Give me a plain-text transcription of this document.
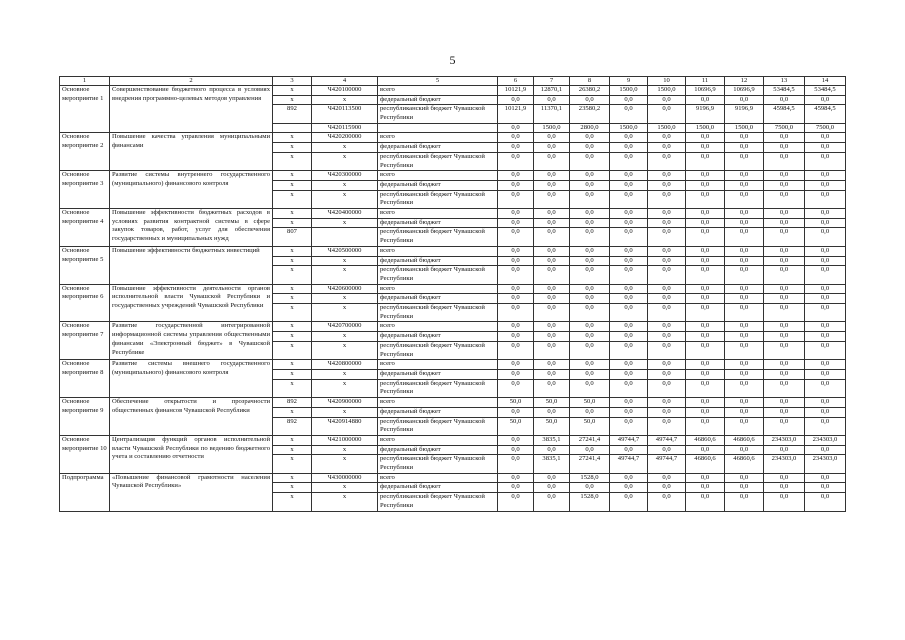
5
1	2	3	4	5	6	7	8	9	10	11	12	13	14
Основное мероприятие 1	Совершенствование бюджетного процесса в условиях внедрения программно-целевых методов управления	x	Ч420100000	всего	10121,9	12870,1	26380,2	1500,0	1500,0	10696,9	10696,9	53484,5	53484,5
		x	x	федеральный бюджет	0,0	0,0	0,0	0,0	0,0	0,0	0,0	0,0	0,0
		892	Ч420113500	республиканский бюджет Чувашской Республики	10121,9	11370,1	23580,2	0,0	0,0	9196,9	9196,9	45984,5	45984,5
			Ч420115900		0,0	1500,0	2800,0	1500,0	1500,0	1500,0	1500,0	7500,0	7500,0
Основное мероприятие 2	Повышение качества управления муниципальными финансами	x	Ч420200000	всего	0,0	0,0	0,0	0,0	0,0	0,0	0,0	0,0	0,0
		x	x	федеральный бюджет	0,0	0,0	0,0	0,0	0,0	0,0	0,0	0,0	0,0
		x	x	республиканский бюджет Чувашской Республики	0,0	0,0	0,0	0,0	0,0	0,0	0,0	0,0	0,0
Основное мероприятие 3	Развитие системы внутреннего государственного (муниципального) финансового контроля	x	Ч420300000	всего	0,0	0,0	0,0	0,0	0,0	0,0	0,0	0,0	0,0
		x	x	федеральный бюджет	0,0	0,0	0,0	0,0	0,0	0,0	0,0	0,0	0,0
		x	x	республиканский бюджет Чувашской Республики	0,0	0,0	0,0	0,0	0,0	0,0	0,0	0,0	0,0
Основное мероприятие 4	Повышение эффективности бюджетных расходов в условиях развития контрактной системы в сфере закупок товаров, работ, услуг для обеспечения государственных и муниципальных нужд	x	Ч420400000	всего	0,0	0,0	0,0	0,0	0,0	0,0	0,0	0,0	0,0
		x	x	федеральный бюджет	0,0	0,0	0,0	0,0	0,0	0,0	0,0	0,0	0,0
		807		республиканский бюджет Чувашской Республики	0,0	0,0	0,0	0,0	0,0	0,0	0,0	0,0	0,0
Основное мероприятие 5	Повышение эффективности бюджетных инвестиций	x	Ч420500000	всего	0,0	0,0	0,0	0,0	0,0	0,0	0,0	0,0	0,0
		x	x	федеральный бюджет	0,0	0,0	0,0	0,0	0,0	0,0	0,0	0,0	0,0
		x	x	республиканский бюджет Чувашской Республики	0,0	0,0	0,0	0,0	0,0	0,0	0,0	0,0	0,0
Основное мероприятие 6	Повышение эффективности деятельности органов исполнительной власти Чувашской Республики и государственных учреждений Чувашской Республики	x	Ч420600000	всего	0,0	0,0	0,0	0,0	0,0	0,0	0,0	0,0	0,0
		x	x	федеральный бюджет	0,0	0,0	0,0	0,0	0,0	0,0	0,0	0,0	0,0
		x	x	республиканский бюджет Чувашской Республики	0,0	0,0	0,0	0,0	0,0	0,0	0,0	0,0	0,0
Основное мероприятие 7	Развитие государственной интегрированной информационной системы управления общественными финансами «Электронный бюджет» в Чувашской Республике	x	Ч420700000	всего	0,0	0,0	0,0	0,0	0,0	0,0	0,0	0,0	0,0
		x	x	федеральный бюджет	0,0	0,0	0,0	0,0	0,0	0,0	0,0	0,0	0,0
		x	x	республиканский бюджет Чувашской Республики	0,0	0,0	0,0	0,0	0,0	0,0	0,0	0,0	0,0
Основное мероприятие 8	Развитие системы внешнего государственного (муниципального) финансового контроля	x	Ч420800000	всего	0,0	0,0	0,0	0,0	0,0	0,0	0,0	0,0	0,0
		x	x	федеральный бюджет	0,0	0,0	0,0	0,0	0,0	0,0	0,0	0,0	0,0
		x	x	республиканский бюджет Чувашской Республики	0,0	0,0	0,0	0,0	0,0	0,0	0,0	0,0	0,0
Основное мероприятие 9	Обеспечение открытости и прозрачности общественных финансов Чувашской Республики	892	Ч420900000	всего	50,0	50,0	50,0	0,0	0,0	0,0	0,0	0,0	0,0
		x	x	федеральный бюджет	0,0	0,0	0,0	0,0	0,0	0,0	0,0	0,0	0,0
		892	Ч420914880	республиканский бюджет Чувашской Республики	50,0	50,0	50,0	0,0	0,0	0,0	0,0	0,0	0,0
Основное мероприятие 10	Централизация функций органов исполнительной власти Чувашской Республики по ведению бюджетного учета и составлению отчетности	x	Ч421000000	всего	0,0	3835,1	27241,4	49744,7	49744,7	46860,6	46860,6	234303,0	234303,0
		x	x	федеральный бюджет	0,0	0,0	0,0	0,0	0,0	0,0	0,0	0,0	0,0
		x	x	республиканский бюджет Чувашской Республики	0,0	3835,1	27241,4	49744,7	49744,7	46860,6	46860,6	234303,0	234303,0
Подпрограмма	«Повышение финансовой грамотности населения Чувашской Республики»	x	Ч430000000	всего	0,0	0,0	1528,0	0,0	0,0	0,0	0,0	0,0	0,0
		x	x	федеральный бюджет	0,0	0,0	0,0	0,0	0,0	0,0	0,0	0,0	0,0
		x	x	республиканский бюджет Чувашской Республики	0,0	0,0	1528,0	0,0	0,0	0,0	0,0	0,0	0,0
